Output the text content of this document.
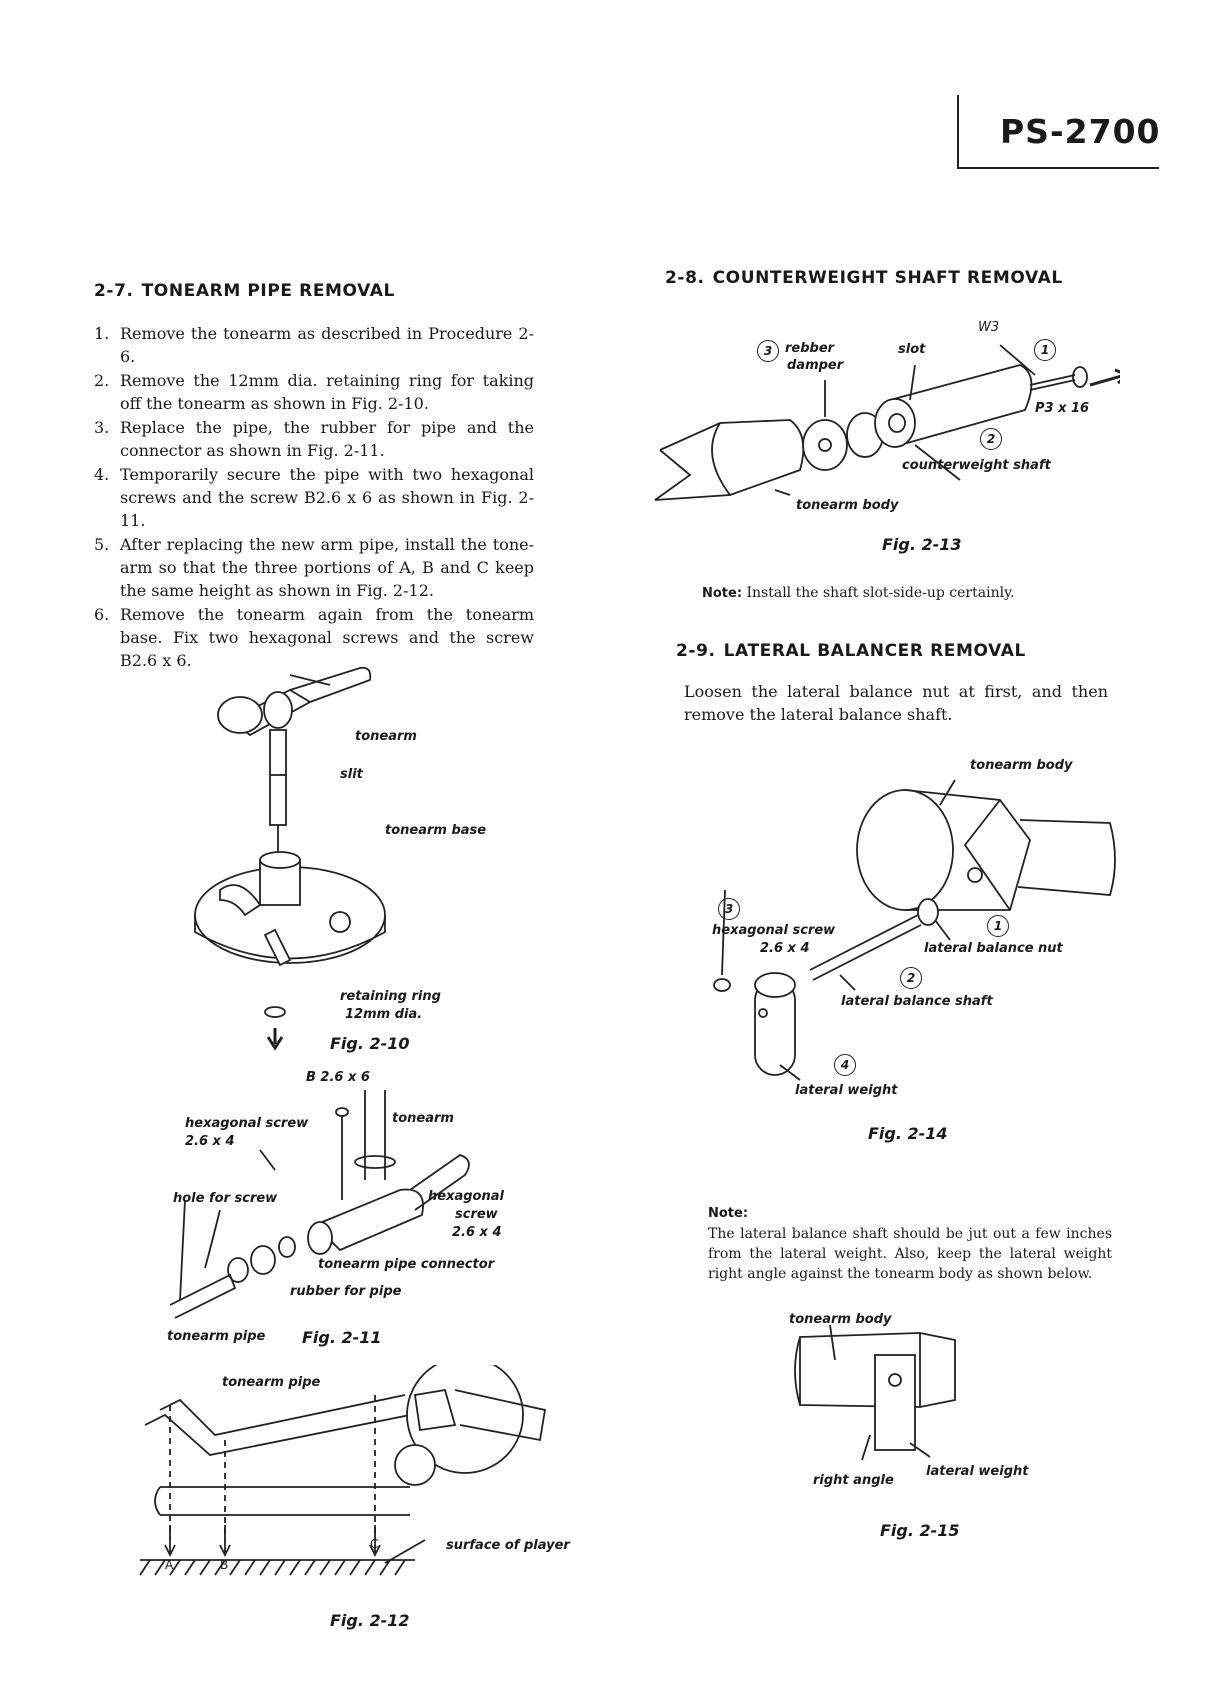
PS-2700
2-7. TONEARM PIPE REMOVAL
1. Remove the tonearm as described in Procedure 2-6.
2. Remove the 12mm dia. retaining ring for taking off the tonearm as shown in Fig. 2-10.
3. Replace the pipe, the rubber for pipe and the connector as shown in Fig. 2-11.
4. Temporarily secure the pipe with two hexagonal screws and the screw B2.6 x 6 as shown in Fig. 2-11.
5. After replacing the new arm pipe, install the tone-arm so that the three portions of A, B and C keep the same height as shown in Fig. 2-12.
6. Remove the tonearm again from the tonearm base. Fix two hexagonal screws and the screw B2.6 x 6.
tonearm
slit
tonearm base
retaining ring
12mm dia.
Fig. 2-10
B 2.6 x 6
tonearm
hexagonal screw
2.6 x 4
hole for screw	hexagonal
screw
2.6 x 4
tonearm pipe connector
rubber for pipe
tonearm pipe Fig. 2-11
tonearm pipe
surface of player
A	B
C
Fig. 2-12
2-8. COUNTERWEIGHT SHAFT REMOVAL
W3
1
3 rebber
damper
slot
P3 x 16
2
counterweight shaft
tonearm body
Fig. 2-13
Note: Install the shaft slot-side-up certainly.
2-9. LATERAL BALANCER REMOVAL
Loosen the lateral balance nut at first, and then remove the lateral balance shaft.
tonearm body
3
hexagonal screw
2.6 x 4
1
lateral balance nut
2
lateral balance shaft
4
lateral weight
Fig. 2-14
Note:
The lateral balance shaft should be jut out a few inches from the lateral weight. Also, keep the lateral weight right angle against the tonearm body as shown below.
tonearm body
right angle
lateral weight
Fig. 2-15
